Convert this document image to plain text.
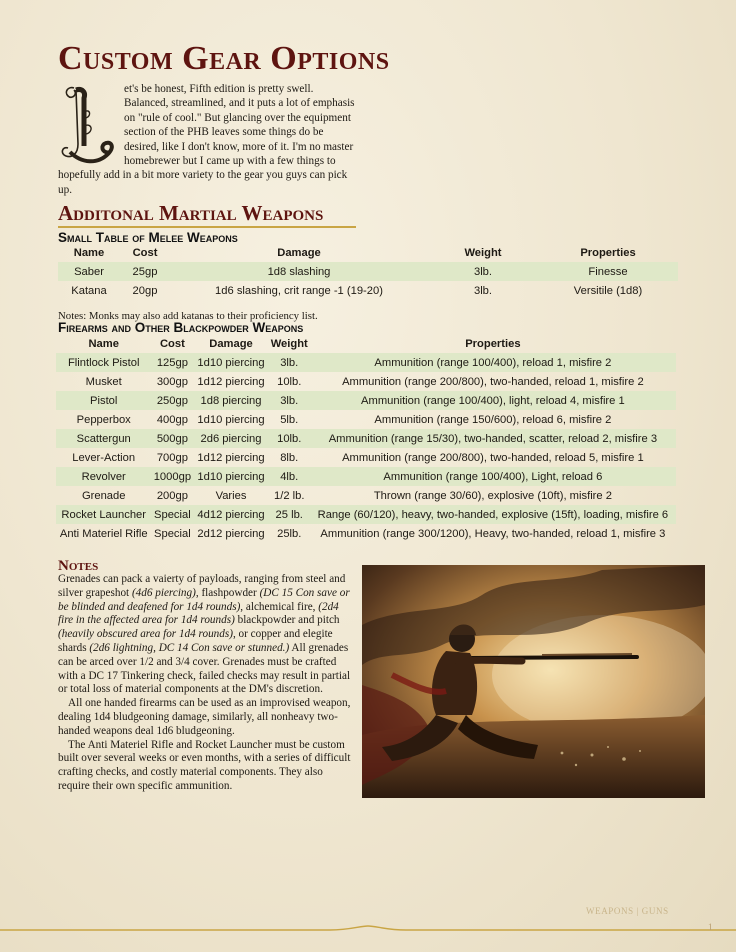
Custom Gear Options

L
et's be honest, Fifth edition is pretty swell. Balanced, streamlined, and it puts a lot of emphasis on "rule of cool." But glancing over the equipment section of the PHB leaves some things do be desired, like I don't know, more of it. I'm no master homebrewer but I came up with a few things to hopefully add in a bit more variety to the gear you guys can pick up.

Additonal Martial Weapons
Small Table of Melee Weapons
Name	Cost	Damage	Weight	Properties
Saber	25gp	1d8 slashing	3lb.	Finesse
Katana	20gp	1d6 slashing, crit range -1 (19-20)	3lb.	Versitile (1d8)

Notes: Monks may also add katanas to their proficiency list.

Firearms and Other Blackpowder Weapons
Name	Cost	Damage	Weight	Properties
Flintlock Pistol	125gp	1d10 piercing	3lb.	Ammunition (range 100/400), reload 1, misfire 2
Musket	300gp	1d12 piercing	10lb.	Ammunition (range 200/800), two-handed, reload 1, misfire 2
Pistol	250gp	1d8 piercing	3lb.	Ammunition (range 100/400), light, reload 4, misfire 1
Pepperbox	400gp	1d10 piercing	5lb.	Ammunition (range 150/600), reload 6, misfire 2
Scattergun	500gp	2d6 piercing	10lb.	Ammunition (range 15/30), two-handed, scatter, reload 2, misfire 3
Lever-Action	700gp	1d12 piercing	8lb.	Ammunition (range 200/800), two-handed, reload 5, misfire 1
Revolver	1000gp	1d10 piercing	4lb.	Ammunition (range 100/400), Light, reload 6
Grenade	200gp	Varies	1/2 lb.	Thrown (range 30/60), explosive (10ft), misfire 2
Rocket Launcher	Special	4d12 piercing	25 lb.	Range (60/120), heavy, two-handed, explosive (15ft), loading, misfire 6
Anti Materiel Rifle	Special	2d12 piercing	25lb.	Ammunition (range 300/1200), Heavy, two-handed, reload 1, misfire 3
Notes

Grenades can pack a vaierty of payloads, ranging from steel and silver grapeshot (4d6 piercing), flashpowder (DC 15 Con save or be blinded and deafened for 1d4 rounds), alchemical fire, (2d4 fire in the affected area for 1d4 rounds) blackpowder and pitch (heavily obscured area for 1d4 rounds), or copper and elegite shards (2d6 lightning, DC 14 Con save or stunned.) All grenades can be arced over 1/2 and 3/4 cover. Grenades must be crafted with a DC 17 Tinkering check, failed checks may result in partial or total loss of material components at the DM's discretion.

All one handed firearms can be used as an improvised weapon, dealing 1d4 bludgeoning damage, similarly, all nonheavy two-handed weapons deal 1d6 bludgeoning.

The Anti Materiel Rifle and Rocket Launcher must be custom built over several weeks or even months, with a series of difficult crafting checks, and costly material components. They also require their own specific ammunition.

WEAPONS | GUNS
1
